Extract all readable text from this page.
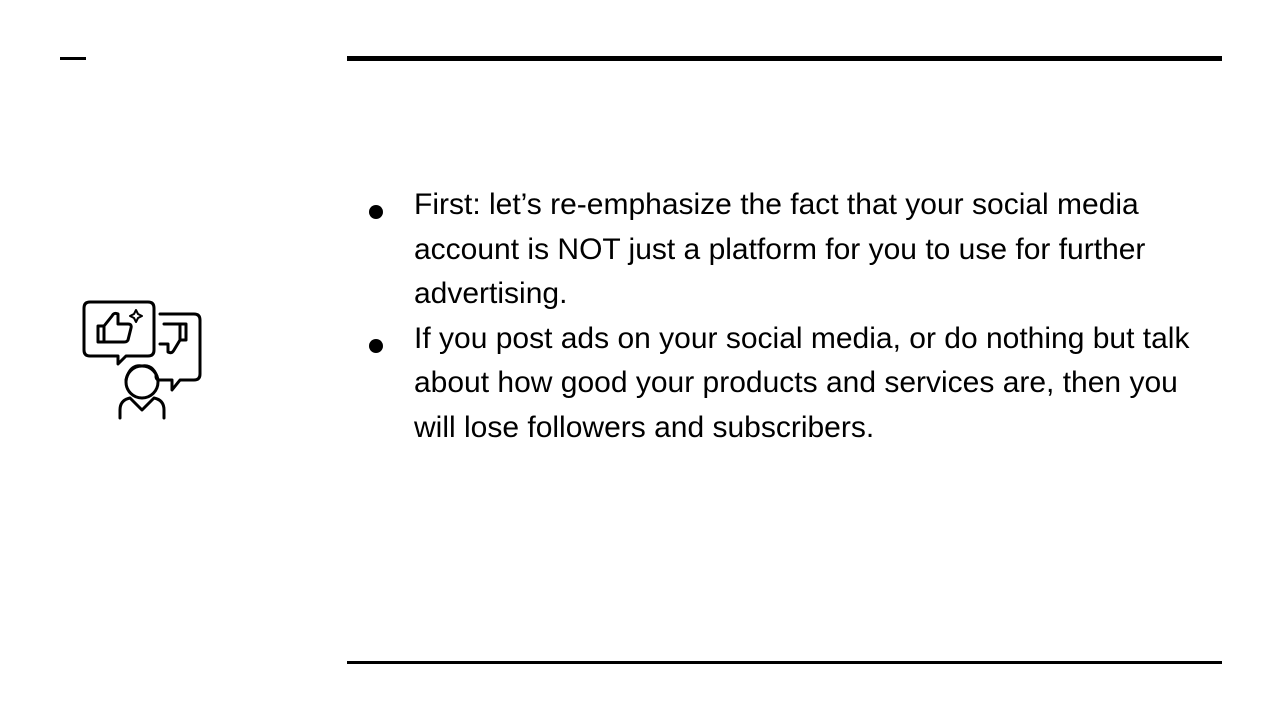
First: let’s re-emphasize the fact that your social media account is NOT just a platform for you to use for further advertising.
If you post ads on your social media, or do nothing but talk about how good your products and services are, then you will lose followers and subscribers.
